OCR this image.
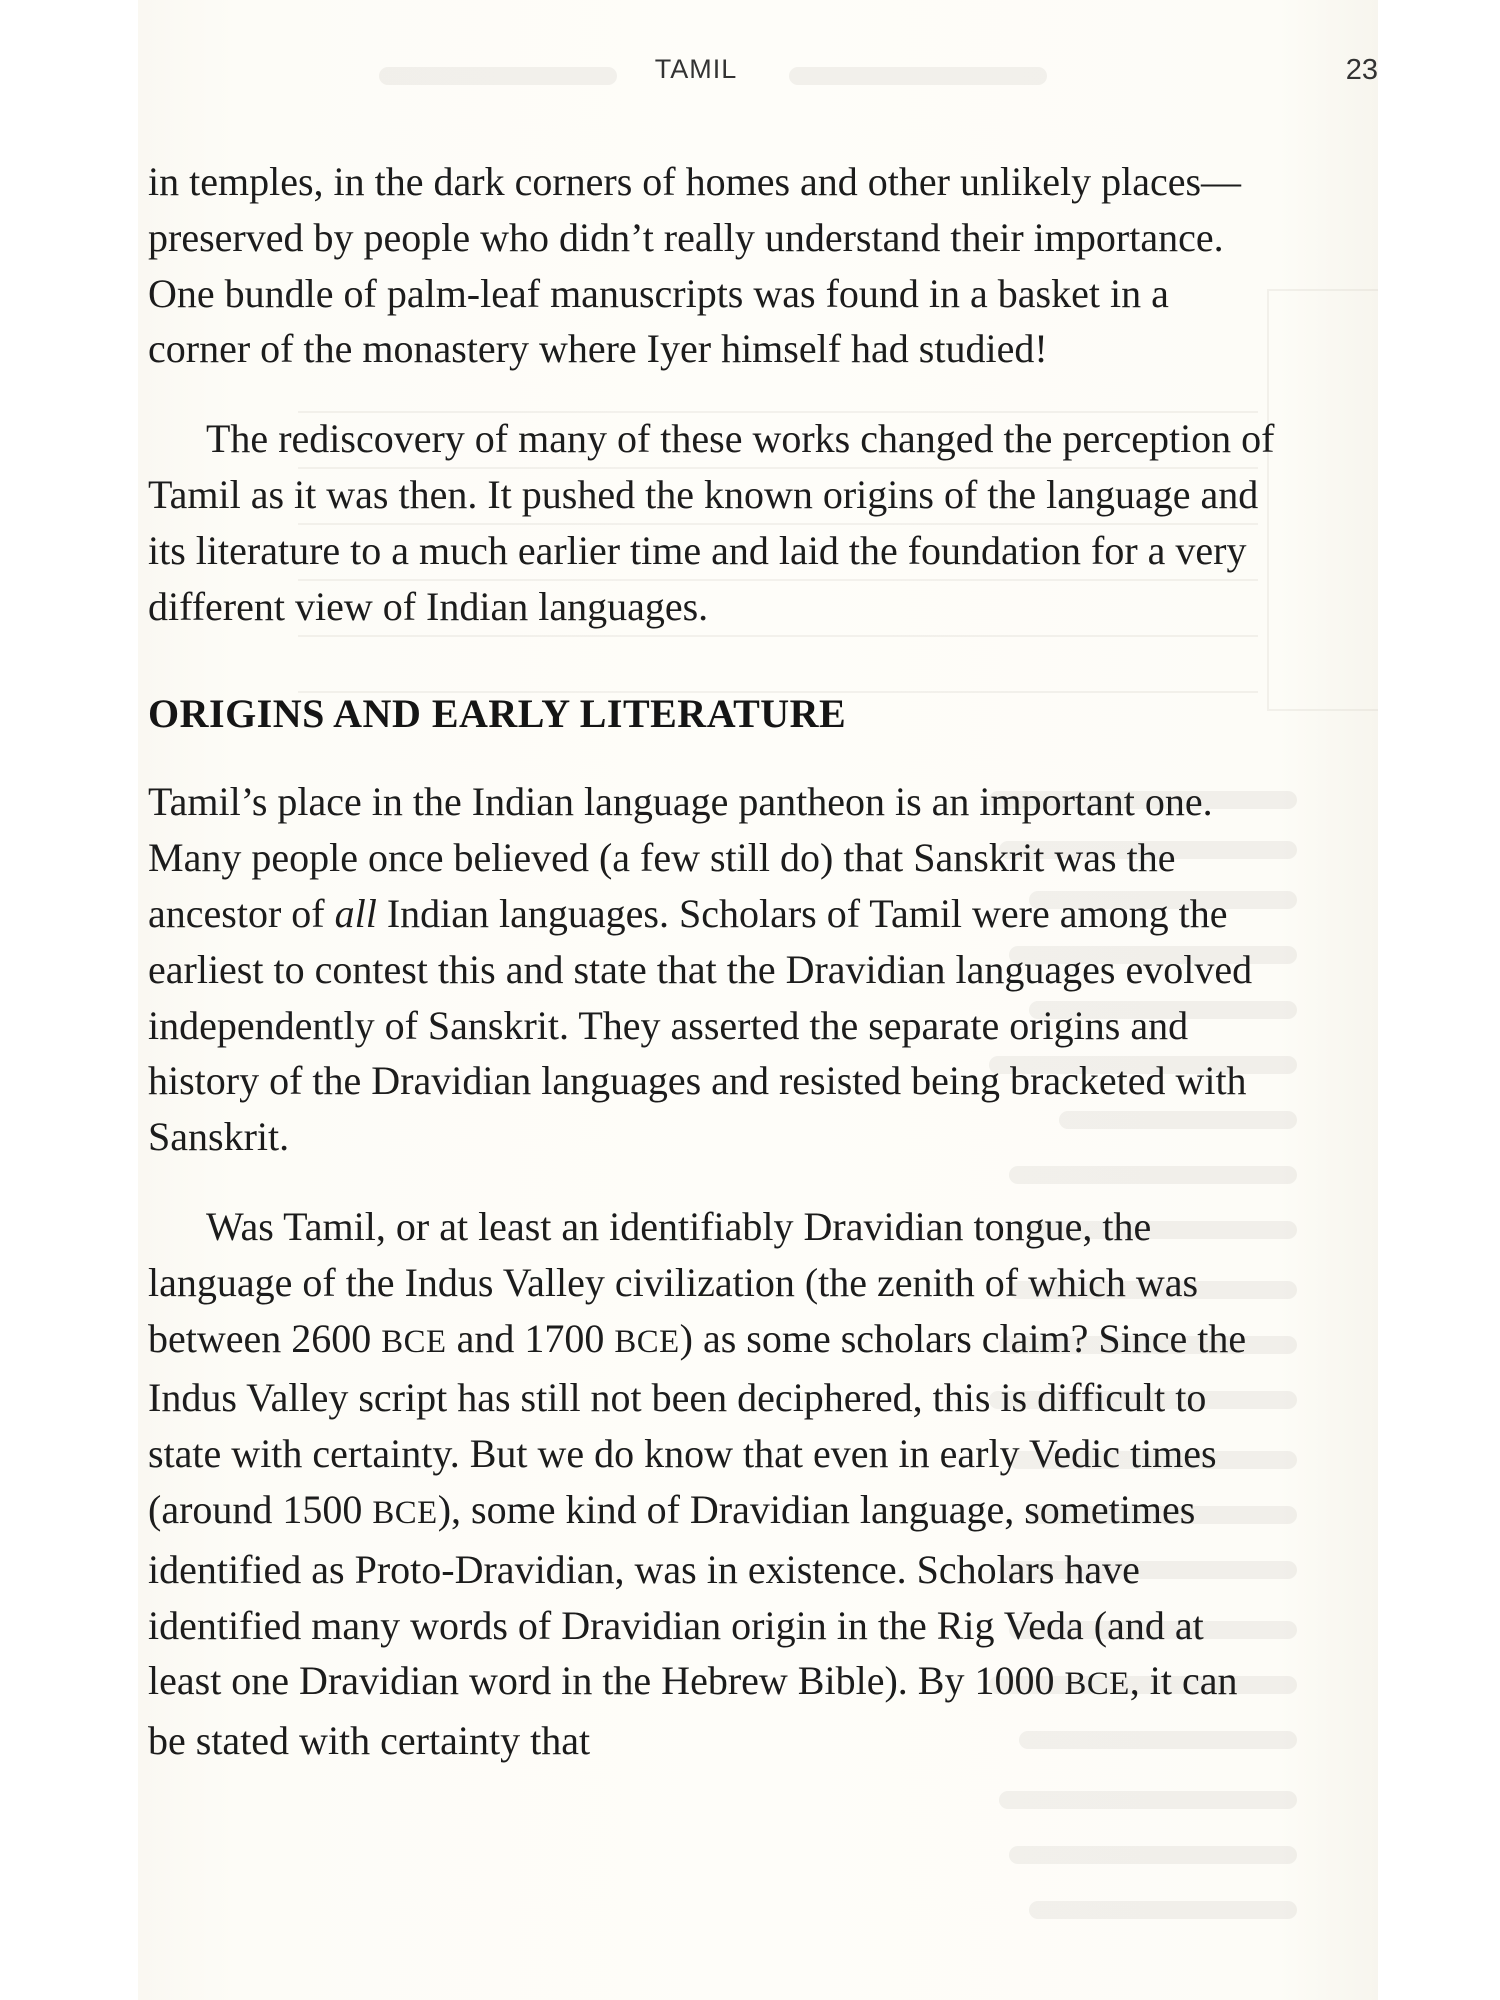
TAMIL	23

in temples, in the dark corners of homes and other unlikely places—preserved by people who didn’t really understand their importance. One bundle of palm-leaf manuscripts was found in a basket in a corner of the monastery where Iyer himself had studied!

The rediscovery of many of these works changed the perception of Tamil as it was then. It pushed the known origins of the language and its literature to a much earlier time and laid the foundation for a very different view of Indian languages.

ORIGINS AND EARLY LITERATURE

Tamil’s place in the Indian language pantheon is an important one. Many people once believed (a few still do) that Sanskrit was the ancestor of all Indian languages. Scholars of Tamil were among the earliest to contest this and state that the Dravidian languages evolved independently of Sanskrit. They asserted the separate origins and history of the Dravidian languages and resisted being bracketed with Sanskrit.

Was Tamil, or at least an identifiably Dravidian tongue, the language of the Indus Valley civilization (the zenith of which was between 2600 BCE and 1700 BCE) as some scholars claim? Since the Indus Valley script has still not been deciphered, this is difficult to state with certainty. But we do know that even in early Vedic times (around 1500 BCE), some kind of Dravidian language, sometimes identified as Proto-Dravidian, was in existence. Scholars have identified many words of Dravidian origin in the Rig Veda (and at least one Dravidian word in the Hebrew Bible). By 1000 BCE, it can be stated with certainty that
